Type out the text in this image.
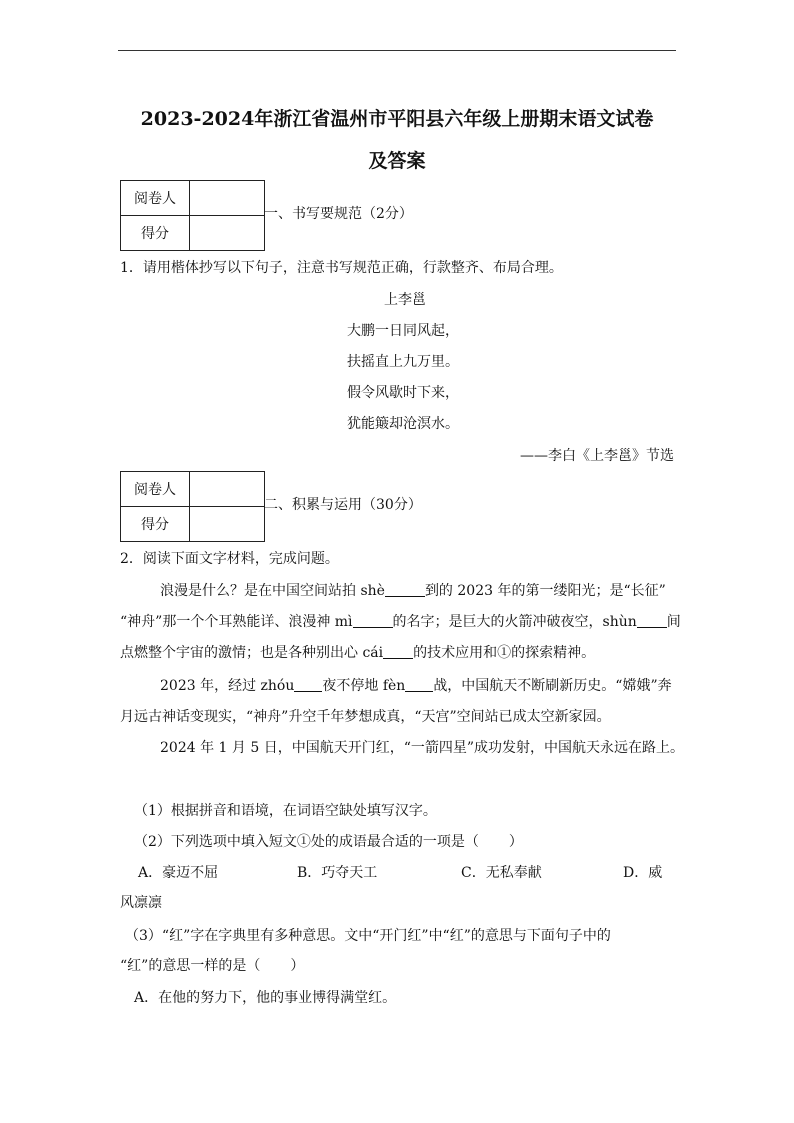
2023-2024年浙江省温州市平阳县六年级上册期末语文试卷
及答案
阅卷人	
得分	
一、书写要规范（2分）
1．请用楷体抄写以下句子，注意书写规范正确，行款整齐、布局合理。
上李邕
大鹏一日同风起，
扶摇直上九万里。
假令风歇时下来，
犹能簸却沧溟水。
——李白《上李邕》节选
阅卷人	
得分	
二、积累与运用（30分）
2．阅读下面文字材料，完成问题。
浪漫是什么？是在中国空间站拍 shè	到的 2023 年的第一缕阳光；是“长征”
“神舟”那一个个耳熟能详、浪漫神 mì	的名字；是巨大的火箭冲破夜空，shùn 间
点燃整个宇宙的激情；也是各种别出心 cái 的技术应用和①的探索精神。
2023 年，经过 zhóu 夜不停地 fèn 战，中国航天不断刷新历史。“嫦娥”奔
月远古神话变现实，“神舟”升空千年梦想成真，“天宫”空间站已成太空新家园。
2024 年 1 月 5 日，中国航天开门红，“一箭四星”成功发射，中国航天永远在路上。
（1）根据拼音和语境，在词语空缺处填写汉字。
（2）下列选项中填入短文①处的成语最合适的一项是（ ）
A．豪迈不屈	B．巧夺天工	C．无私奉献	D．威
风凛凛
（3）“红”字在字典里有多种意思。文中“开门红”中“红”的意思与下面句子中的
“红”的意思一样的是（ ）
A．在他的努力下，他的事业博得满堂红。
